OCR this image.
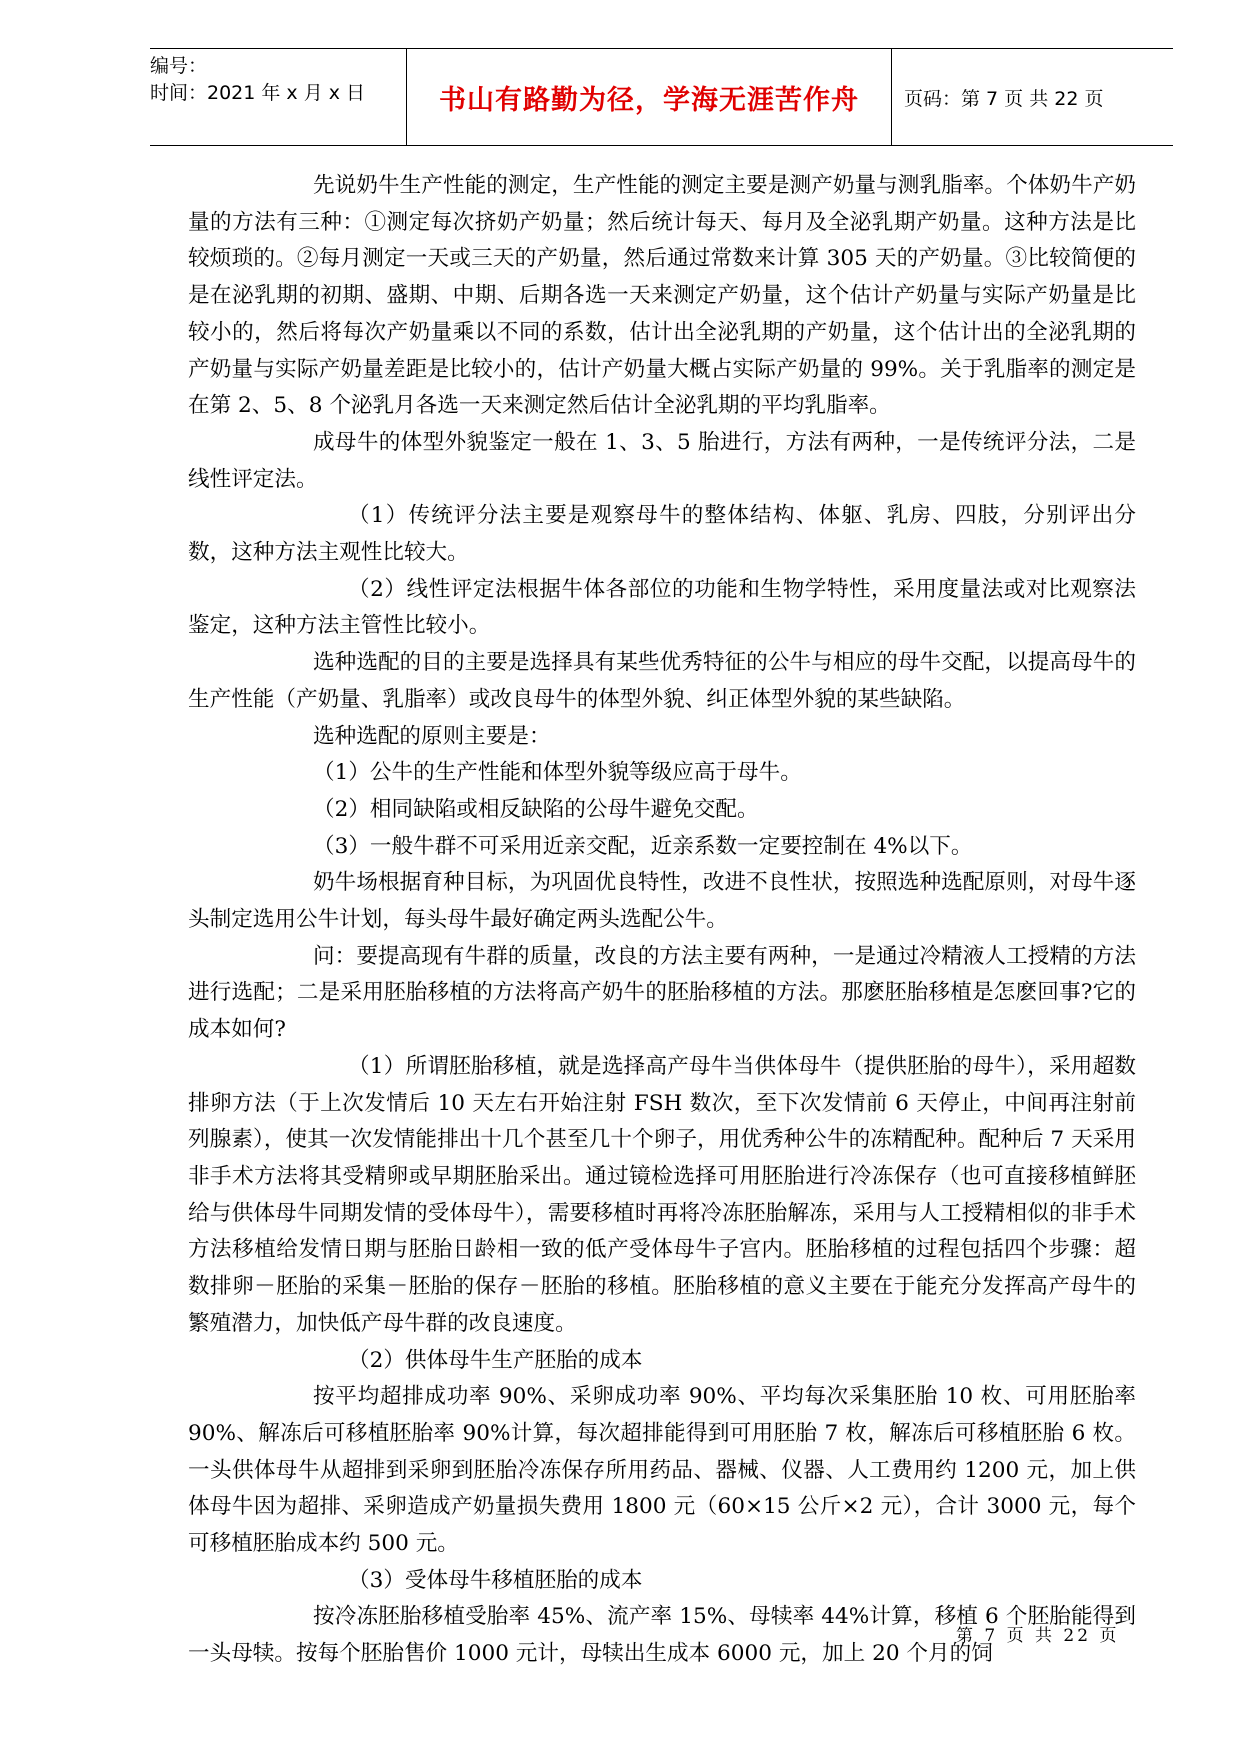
编号：
时间：2021 年 x 月 x 日	书山有路勤为径，学海无涯苦作舟	页码：第 7 页 共 22 页

先说奶牛生产性能的测定，生产性能的测定主要是测产奶量与测乳脂率。个体奶牛产奶量的方法有三种：①测定每次挤奶产奶量；然后统计每天、每月及全泌乳期产奶量。这种方法是比较烦琐的。②每月测定一天或三天的产奶量，然后通过常数来计算 305 天的产奶量。③比较简便的是在泌乳期的初期、盛期、中期、后期各选一天来测定产奶量，这个估计产奶量与实际产奶量是比较小的，然后将每次产奶量乘以不同的系数，估计出全泌乳期的产奶量，这个估计出的全泌乳期的产奶量与实际产奶量差距是比较小的，估计产奶量大概占实际产奶量的 99%。关于乳脂率的测定是在第 2、5、8 个泌乳月各选一天来测定然后估计全泌乳期的平均乳脂率。

成母牛的体型外貌鉴定一般在 1、3、5 胎进行，方法有两种，一是传统评分法，二是线性评定法。

（1）传统评分法主要是观察母牛的整体结构、体躯、乳房、四肢，分别评出分数，这种方法主观性比较大。

（2）线性评定法根据牛体各部位的功能和生物学特性，采用度量法或对比观察法鉴定，这种方法主管性比较小。

选种选配的目的主要是选择具有某些优秀特征的公牛与相应的母牛交配，以提高母牛的生产性能（产奶量、乳脂率）或改良母牛的体型外貌、纠正体型外貌的某些缺陷。

选种选配的原则主要是：

（1）公牛的生产性能和体型外貌等级应高于母牛。

（2）相同缺陷或相反缺陷的公母牛避免交配。

（3）一般牛群不可采用近亲交配，近亲系数一定要控制在 4%以下。

奶牛场根据育种目标，为巩固优良特性，改进不良性状，按照选种选配原则，对母牛逐头制定选用公牛计划，每头母牛最好确定两头选配公牛。

问：要提高现有牛群的质量，改良的方法主要有两种，一是通过冷精液人工授精的方法进行选配；二是采用胚胎移植的方法将高产奶牛的胚胎移植的方法。那麽胚胎移植是怎麽回事?它的成本如何?

（1）所谓胚胎移植，就是选择高产母牛当供体母牛（提供胚胎的母牛），采用超数排卵方法（于上次发情后 10 天左右开始注射 FSH 数次，至下次发情前 6 天停止，中间再注射前列腺素），使其一次发情能排出十几个甚至几十个卵子，用优秀种公牛的冻精配种。配种后 7 天采用非手术方法将其受精卵或早期胚胎采出。通过镜检选择可用胚胎进行冷冻保存（也可直接移植鲜胚给与供体母牛同期发情的受体母牛），需要移植时再将冷冻胚胎解冻，采用与人工授精相似的非手术方法移植给发情日期与胚胎日龄相一致的低产受体母牛子宫内。胚胎移植的过程包括四个步骤：超数排卵－胚胎的采集－胚胎的保存－胚胎的移植。胚胎移植的意义主要在于能充分发挥高产母牛的繁殖潜力，加快低产母牛群的改良速度。

（2）供体母牛生产胚胎的成本

按平均超排成功率 90%、采卵成功率 90%、平均每次采集胚胎 10 枚、可用胚胎率 90%、解冻后可移植胚胎率 90%计算，每次超排能得到可用胚胎 7 枚，解冻后可移植胚胎 6 枚。一头供体母牛从超排到采卵到胚胎冷冻保存所用药品、器械、仪器、人工费用约 1200 元，加上供体母牛因为超排、采卵造成产奶量损失费用 1800 元（60×15 公斤×2 元），合计 3000 元，每个可移植胚胎成本约 500 元。

（3）受体母牛移植胚胎的成本

按冷冻胚胎移植受胎率 45%、流产率 15%、母犊率 44%计算，移植 6 个胚胎能得到一头母犊。按每个胚胎售价 1000 元计，母犊出生成本 6000 元，加上 20 个月的饲

第 7 页 共 22 页
